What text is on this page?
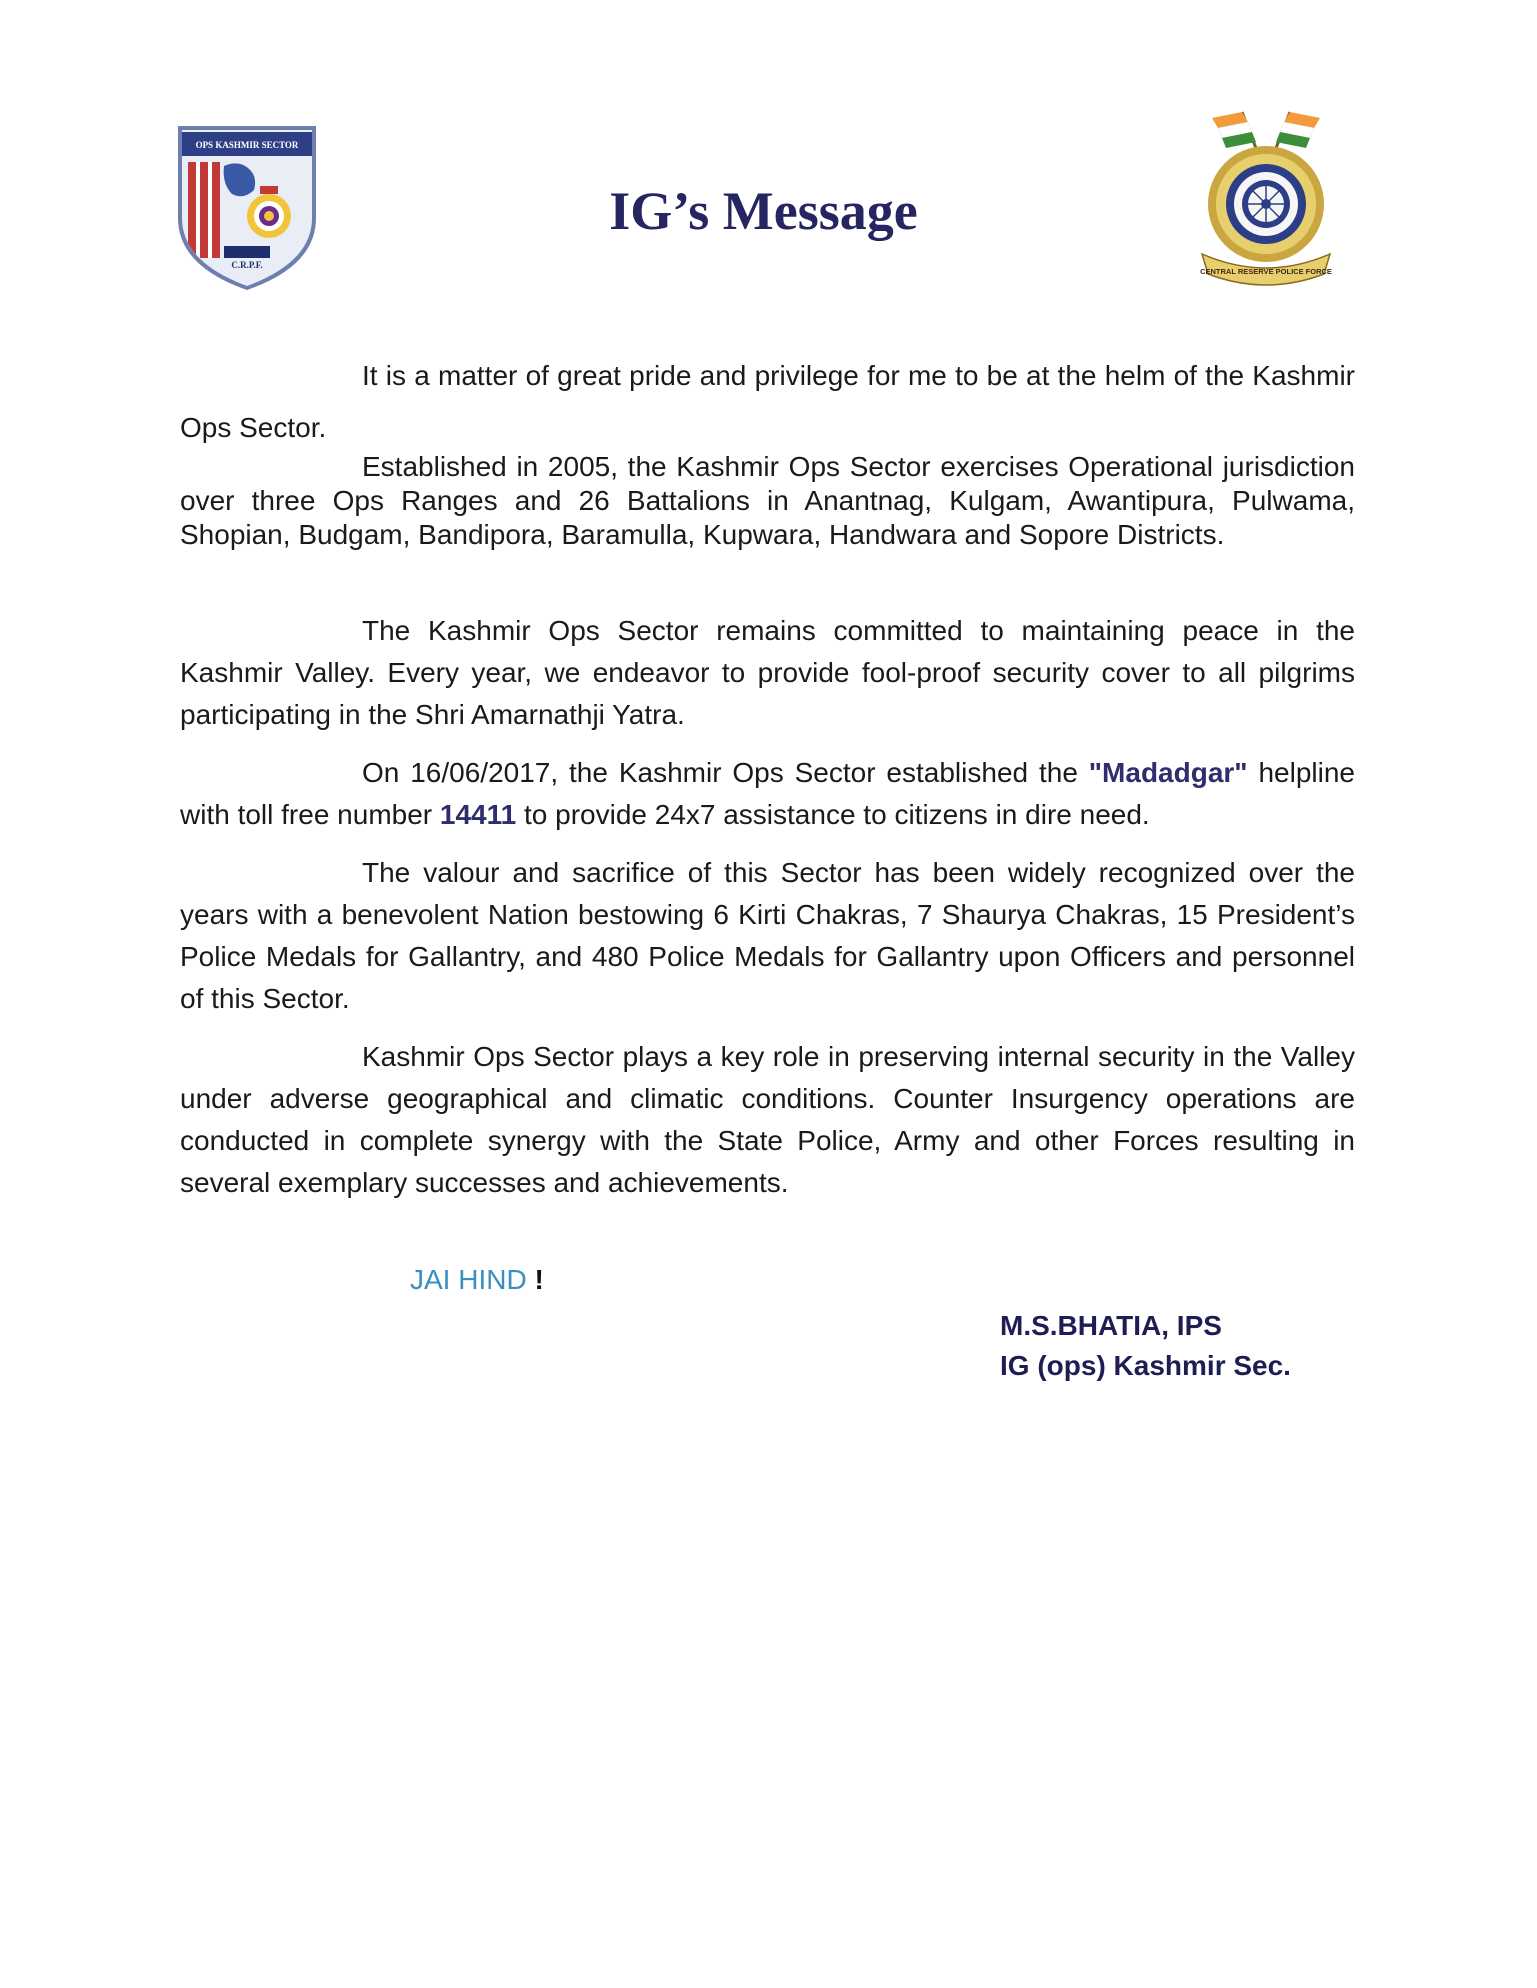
OPS KASHMIR SECTOR
C.R.P.F.
IG’s Message
CENTRAL RESERVE POLICE FORCE

It is a matter of great pride and privilege for me to be at the helm of the Kashmir Ops Sector.

Established in 2005, the Kashmir Ops Sector exercises Operational jurisdiction over three Ops Ranges and 26 Battalions in Anantnag, Kulgam, Awantipura, Pulwama, Shopian, Budgam, Bandipora, Baramulla, Kupwara, Handwara and Sopore Districts.

The Kashmir Ops Sector remains committed to maintaining peace in the Kashmir Valley. Every year, we endeavor to provide fool-proof security cover to all pilgrims participating in the Shri Amarnathji Yatra.

On 16/06/2017, the Kashmir Ops Sector established the "Madadgar" helpline with toll free number 14411 to provide 24x7 assistance to citizens in dire need.

The valour and sacrifice of this Sector has been widely recognized over the years with a benevolent Nation bestowing 6 Kirti Chakras, 7 Shaurya Chakras, 15 President’s Police Medals for Gallantry, and 480 Police Medals for Gallantry upon Officers and personnel of this Sector.

Kashmir Ops Sector plays a key role in preserving internal security in the Valley under adverse geographical and climatic conditions. Counter Insurgency operations are conducted in complete synergy with the State Police, Army and other Forces resulting in several exemplary successes and achievements.

JAI HIND !
M.S.BHATIA, IPS
IG (ops) Kashmir Sec.
